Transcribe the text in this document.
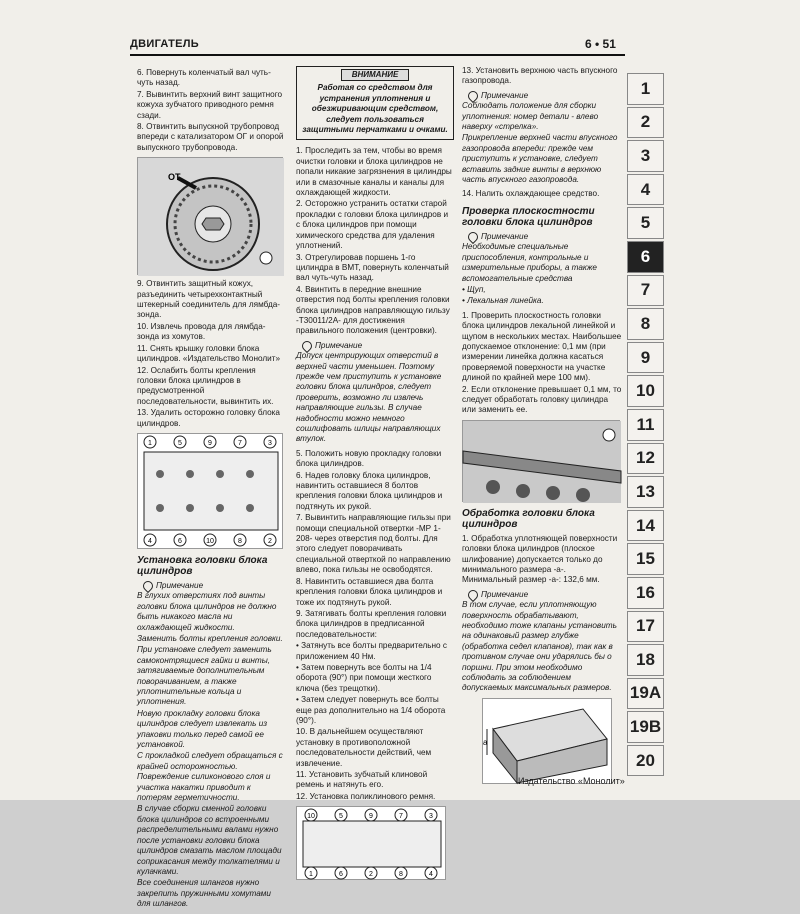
ДВИГАТЕЛЬ	6 • 51
6. Повернуть коленчатый вал чуть-чуть назад.
7. Вывинтить верхний винт защитного кожуха зубчатого приводного ремня сзади.
8. Отвинтить выпускной трубопровод впереди с катализатором ОГ и опорой выпускного трубопровода.
OT
9. Отвинтить защитный кожух, разъединить четырехконтактный штекерный соединитель для лямбда-зонда.
10. Извлечь провода для лямбда-зонда из хомутов.
11. Снять крышку головки блока цилиндров. «Издательство Монолит»
12. Ослабить болты крепления головки блока цилиндров в предусмотренной последовательности, вывинтить их.
13. Удалить осторожно головку блока цилиндров.
1	5	9	7	3
4	6	10	8	2
Установка головки блока цилиндров
Примечание
В глухих отверстиях под винты головки блока цилиндров не должно быть никакого масла ни охлаждающей жидкости.
Заменить болты крепления головки.
При установке следует заменить самоконтрящиеся гайки и винты, затягиваемые дополнительным поворачиванием, а также уплотнительные кольца и уплотнения.
Новую прокладку головки блока цилиндров следует извлекать из упаковки только перед самой ее установкой.
С прокладкой следует обращаться с крайней осторожностью. Повреждение силиконового слоя и участка накатки приводит к потерям герметичности.
В случае сборки сменной головки блока цилиндров со встроенными распределительными валами нужно после установки головки блока цилиндров смазать маслом площади соприкасания между толкателями и кулачками.
Все соединения шлангов нужно закрепить пружинными хомутами для шлангов.
ВНИМАНИЕ
Работая со средством для устранения уплотнения и обезжиривающим средством, следует пользоваться защитными перчатками и очками.
1. Проследить за тем, чтобы во время очистки головки и блока цилиндров не попали никакие загрязнения в цилиндры или в смазочные каналы и каналы для охлаждающей жидкости.
2. Осторожно устранить остатки старой прокладки с головки блока цилиндров и с блока цилиндров при помощи химического средства для удаления уплотнений.
3. Отрегулировав поршень 1-го цилиндра в ВМТ, повернуть коленчатый вал чуть-чуть назад.
4. Ввинтить в передние внешние отверстия под болты крепления головки блока цилиндров направляющую гильзу -Т30011/2А- для достижения правильного положения (центровки).
Примечание
Допуск центрирующих отверстий в верхней части уменьшен. Поэтому прежде чем приступить к установке головки блока цилиндров, следует проверить, возможно ли извлечь направляющие гильзы. В случае надобности можно немного сошлифовать шлицы направляющих втулок.
5. Положить новую прокладку головки блока цилиндров.
6. Надев головку блока цилиндров, навинтить оставшиеся 8 болтов крепления головки блока цилиндров и подтянуть их рукой.
7. Вывинтить направляющие гильзы при помощи специальной отвертки -МР 1-208- через отверстия под болты. Для этого следует поворачивать специальной отверткой по направлению влево, пока гильзы не освободятся.
8. Навинтить оставшиеся два болта крепления головки блока цилиндров и тоже их подтянуть рукой.
9. Затягивать болты крепления головки блока цилиндров в предписанной последовательности:
• Затянуть все болты предварительно с приложением 40 Нм.
• Затем повернуть все болты на 1/4 оборота (90°) при помощи жесткого ключа (без трещотки).
• Затем следует повернуть все болты еще раз дополнительно на 1/4 оборота (90°).
10. В дальнейшем осуществляют установку в противоположной последовательности действий, чем извлечение.
11. Установить зубчатый клиновой ремень и натянуть его.
12. Установка поликлинового ремня.
10	5	9	7	3
1	6	2	8	4
13. Установить верхнюю часть впускного газопровода.
Примечание
Соблюдать положение для сборки уплотнения: номер детали - влево наверху «стрелка».
Прикрепление верхней части впускного газопровода впереди: прежде чем приступить к установке, следует вставить задние винты в верхнюю часть впускного газопровода.
14. Налить охлаждающее средство.
Проверка плоскостности головки блока цилиндров
Примечание
Необходимые специальные приспособления, контрольные и измерительные приборы, а также вспомогательные средства
• Щуп,
• Лекальная линейка.
1. Проверить плоскостность головки блока цилиндров лекальной линейкой и щупом в нескольких местах. Наибольшее допускаемое отклонение: 0,1 мм (при измерении линейка должна касаться проверяемой поверхности на участке длиной по крайней мере 100 мм).
2. Если отклонение превышает 0,1 мм, то следует обработать головку цилиндра или заменить ее.
Обработка головки блока цилиндров
1. Обработка уплотняющей поверхности головки блока цилиндров (плоское шлифование) допускается только до минимального размера -а-. Минимальный размер -а-: 132,6 мм.
Примечание
В том случае, если уплотняющую поверхность обрабатывают, необходимо тоже клапаны установить на одинаковый размер глубже (обработка седел клапанов), так как в противном случае они ударялись бы о поршни. При этом необходимо соблюдать за соблюдением допускаемых максимальных размеров.
a
1
2
3
4
5
6
7
8
9
10
11
12
13
14
15
16
17
18
19A
19B
20
Издательство «Монолит»
